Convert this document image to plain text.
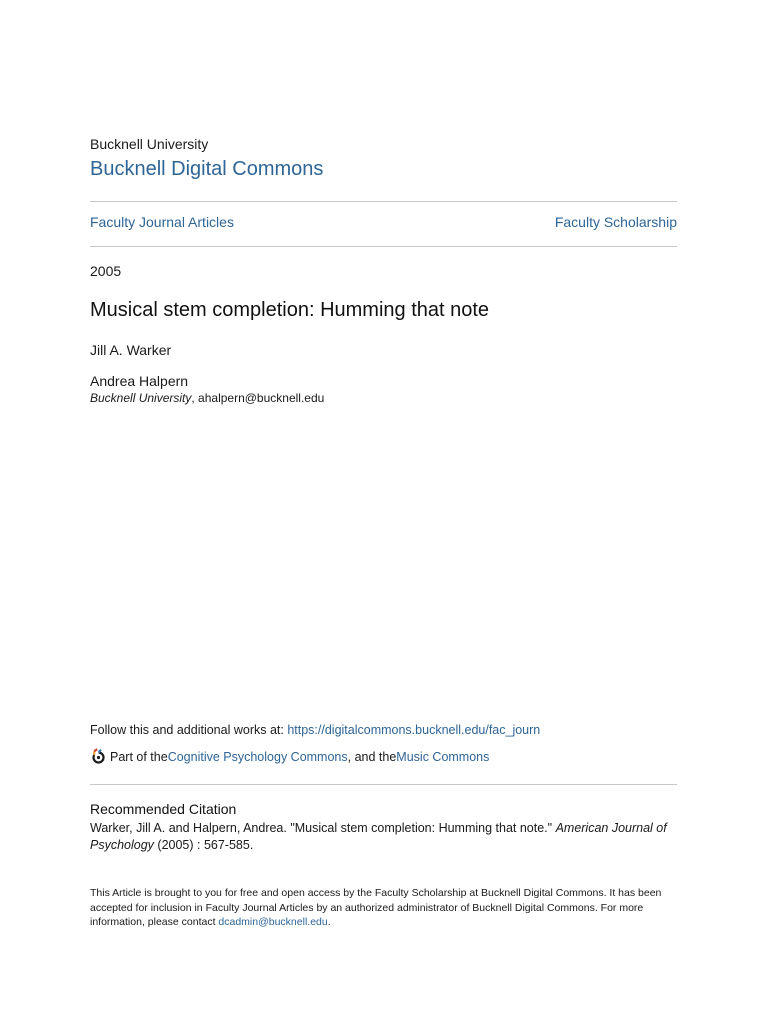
Bucknell University
Bucknell Digital Commons
Faculty Journal Articles	Faculty Scholarship
2005
Musical stem completion: Humming that note
Jill A. Warker
Andrea Halpern
Bucknell University, ahalpern@bucknell.edu
Follow this and additional works at: https://digitalcommons.bucknell.edu/fac_journ
Part of the Cognitive Psychology Commons , and the Music Commons
Recommended Citation
Warker, Jill A. and Halpern, Andrea. "Musical stem completion: Humming that note." American Journal of Psychology (2005) : 567-585.
This Article is brought to you for free and open access by the Faculty Scholarship at Bucknell Digital Commons. It has been accepted for inclusion in Faculty Journal Articles by an authorized administrator of Bucknell Digital Commons. For more information, please contact dcadmin@bucknell.edu.
